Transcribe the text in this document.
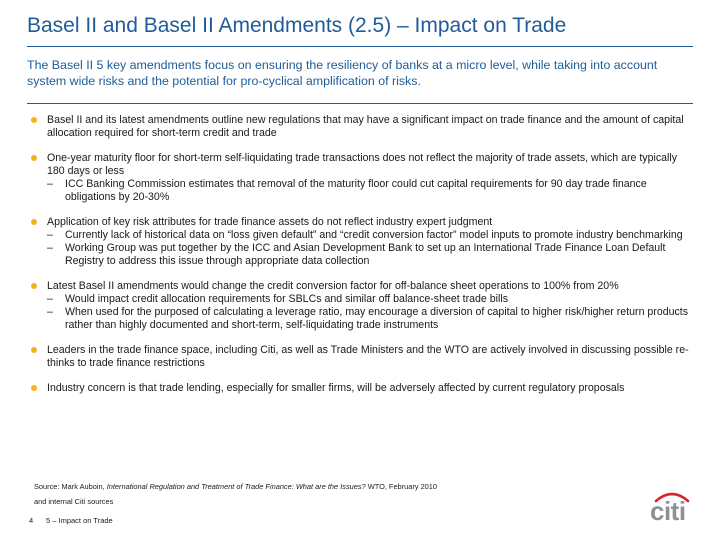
Basel II and Basel II Amendments (2.5) – Impact on Trade
The Basel II 5 key amendments focus on ensuring the resiliency of banks at a micro level, while taking into account system wide risks and the potential for pro-cyclical amplification of risks.
Basel II and its latest amendments outline new regulations that may have a significant impact on trade finance and the amount of capital allocation required for short-term credit and trade
One-year maturity floor for short-term self-liquidating trade transactions does not reflect the majority of trade assets, which are typically 180 days or less
– ICC Banking Commission estimates that removal of the maturity floor could cut capital requirements for 90 day trade finance obligations by 20-30%
Application of key risk attributes for trade finance assets do not reflect industry expert judgment
– Currently lack of historical data on “loss given default” and “credit conversion factor” model inputs to promote industry benchmarking
– Working Group was put together by the ICC and Asian Development Bank to set up an International Trade Finance Loan Default Registry to address this issue through appropriate data collection
Latest Basel II amendments would change the credit conversion factor for off-balance sheet operations to 100% from 20%
– Would impact credit allocation requirements for SBLCs and similar off balance-sheet trade bills
– When used for the purposed of calculating a leverage ratio, may encourage a diversion of capital to higher risk/higher return products rather than highly documented and short-term, self-liquidating trade instruments
Leaders in the trade finance space, including Citi, as well as Trade Ministers and the WTO are actively involved in discussing possible re-thinks to trade finance restrictions
Industry concern is that trade lending, especially for smaller firms, will be adversely affected by current regulatory proposals
Source: Mark Auboin, International Regulation and Treatment of Trade Finance: What are the Issues? WTO, February 2010
and internal Citi sources
4 5 – Impact on Trade	citi
